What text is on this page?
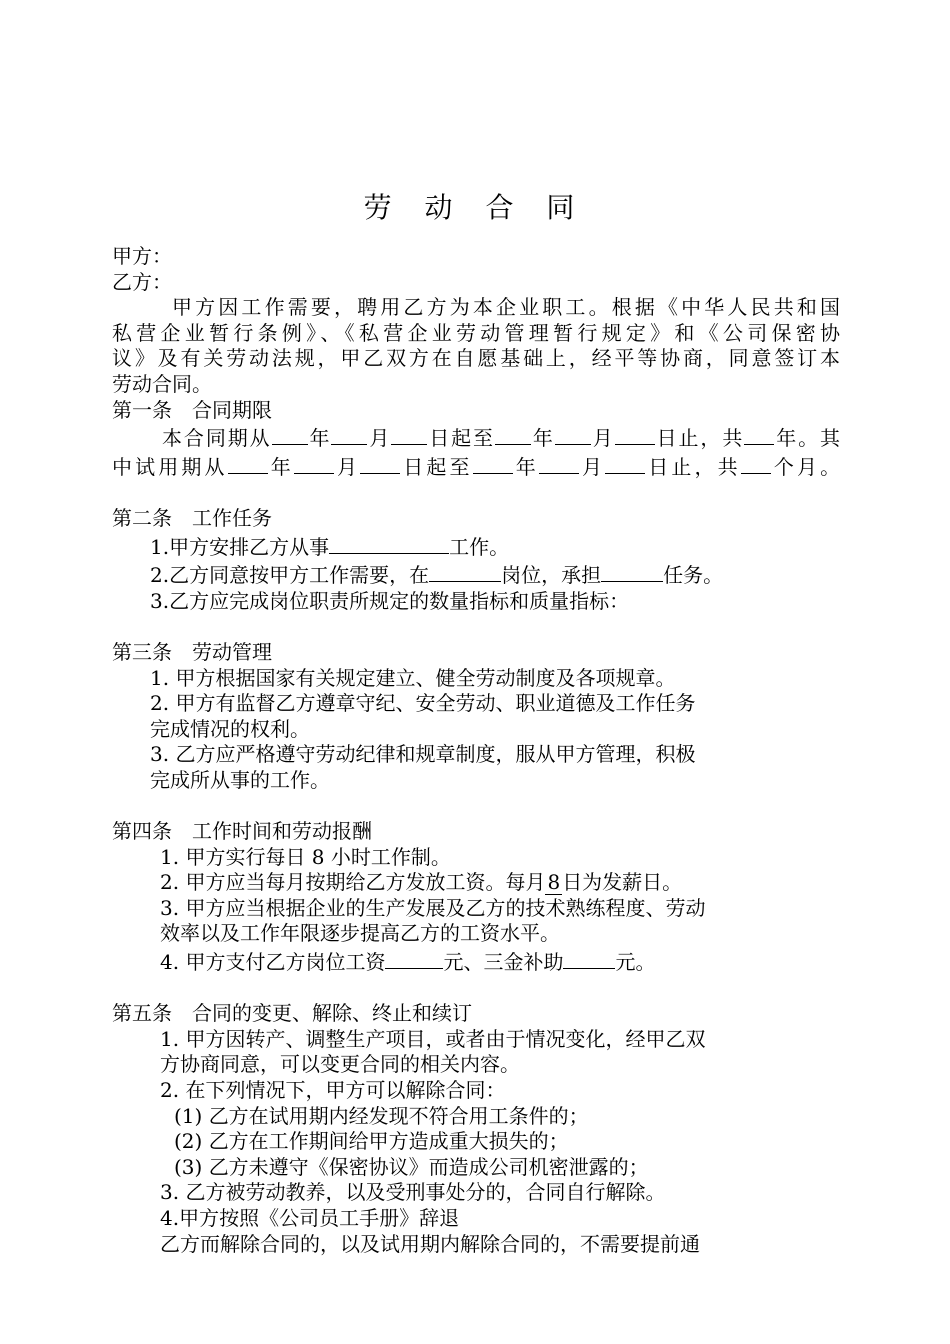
劳 动 合 同

甲方：

乙方：

甲方因工作需要，聘用乙方为本企业职工。根据《中华人民共和国

私营企业暂行条例》、《私营企业劳动管理暂行规定》和《公司保密协

议》及有关劳动法规，甲乙双方在自愿基础上，经平等协商，同意签订本

劳动合同。

第一条　合同期限

本合同期从 年 月 日起至 年 月 日止，共 年。其

中试用期从 年 月 日起至 年 月 日止，共 个月。

第二条　工作任务

1.甲方安排乙方从事	工作。

2.乙方同意按甲方工作需要，在	岗位，承担	任务。

3.乙方应完成岗位职责所规定的数量指标和质量指标：

第三条　劳动管理

1. 甲方根据国家有关规定建立、健全劳动制度及各项规章。

2. 甲方有监督乙方遵章守纪、安全劳动、职业道德及工作任务

完成情况的权利。

3. 乙方应严格遵守劳动纪律和规章制度，服从甲方管理，积极

完成所从事的工作。

第四条　工作时间和劳动报酬

1. 甲方实行每日 8 小时工作制。

2. 甲方应当每月按期给乙方发放工资。每月 8 日为发薪日。

3. 甲方应当根据企业的生产发展及乙方的技术熟练程度、劳动

效率以及工作年限逐步提高乙方的工资水平。

4. 甲方支付乙方岗位工资	元、三金补助	元。

第五条　合同的变更、解除、终止和续订

1. 甲方因转产、调整生产项目，或者由于情况变化，经甲乙双

方协商同意，可以变更合同的相关内容。

2. 在下列情况下，甲方可以解除合同：

(1) 乙方在试用期内经发现不符合用工条件的；

(2) 乙方在工作期间给甲方造成重大损失的；

(3) 乙方未遵守《保密协议》而造成公司机密泄露的；

3. 乙方被劳动教养，以及受刑事处分的，合同自行解除。

4.甲方按照《公司员工手册》辞退

乙方而解除合同的，以及试用期内解除合同的，不需要提前通
